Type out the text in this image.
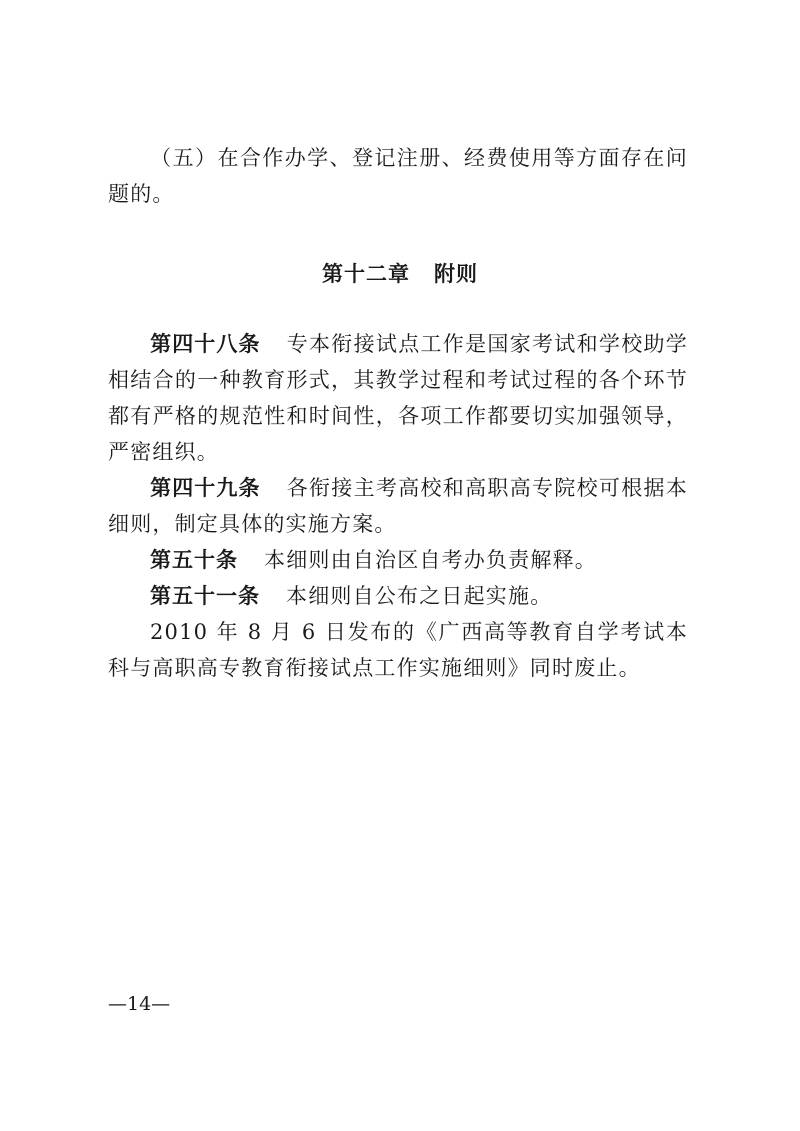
（五）在合作办学、登记注册、经费使用等方面存在问题的。

第十二章 附则

第四十八条 专本衔接试点工作是国家考试和学校助学相结合的一种教育形式，其教学过程和考试过程的各个环节都有严格的规范性和时间性，各项工作都要切实加强领导，严密组织。

第四十九条 各衔接主考高校和高职高专院校可根据本细则，制定具体的实施方案。

第五十条 本细则由自治区自考办负责解释。

第五十一条 本细则自公布之日起实施。

2010 年 8 月 6 日发布的《广西高等教育自学考试本科与高职高专教育衔接试点工作实施细则》同时废止。

—14—
